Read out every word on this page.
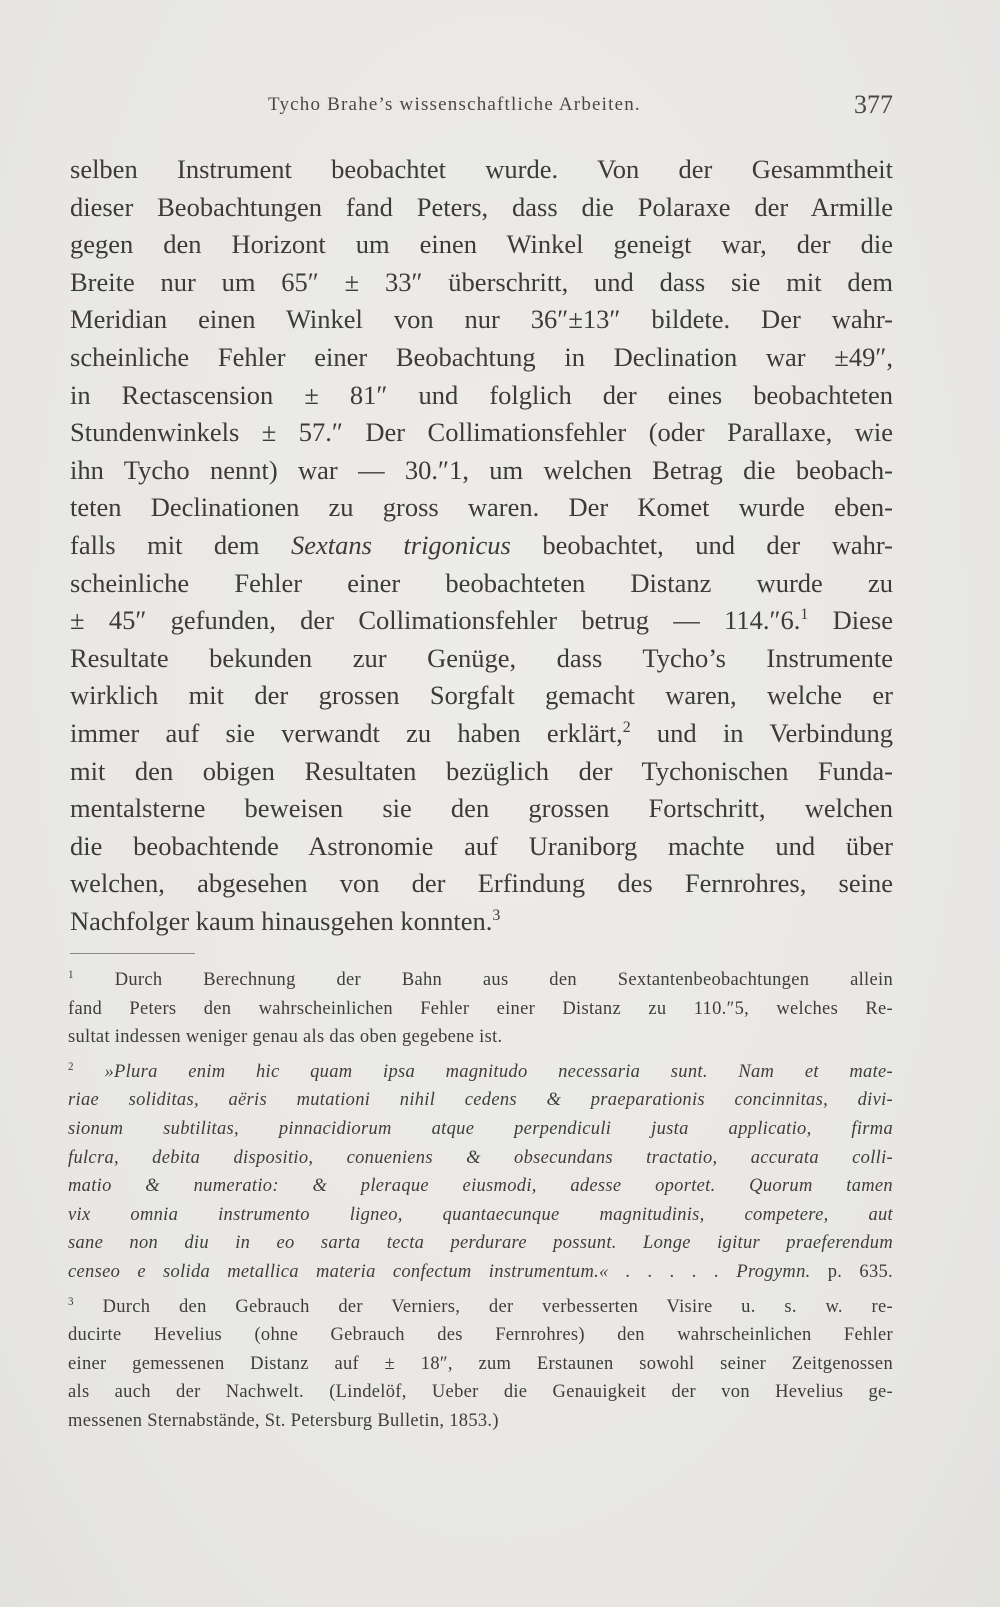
Tycho Brahe’s wissenschaftliche Arbeiten.	377
selben Instrument beobachtet wurde. Von der Gesammtheit
dieser Beobachtungen fand Peters, dass die Polaraxe der Armille
gegen den Horizont um einen Winkel geneigt war, der die
Breite nur um 65″ ± 33″ überschritt, und dass sie mit dem
Meridian einen Winkel von nur 36″±13″ bildete. Der wahr-
scheinliche Fehler einer Beobachtung in Declination war ±49″,
in Rectascension ± 81″ und folglich der eines beobachteten
Stundenwinkels ± 57.″ Der Collimationsfehler (oder Parallaxe, wie
ihn Tycho nennt) war — 30.″1, um welchen Betrag die beobach-
teten Declinationen zu gross waren. Der Komet wurde eben-
falls mit dem Sextans trigonicus beobachtet, und der wahr-
scheinliche Fehler einer beobachteten Distanz wurde zu
± 45″ gefunden, der Collimationsfehler betrug — 114.″6.$^1$ Diese
Resultate bekunden zur Genüge, dass Tycho’s Instrumente
wirklich mit der grossen Sorgfalt gemacht waren, welche er
immer auf sie verwandt zu haben erklärt,$^2$ und in Verbindung
mit den obigen Resultaten bezüglich der Tychonischen Funda-
mentalsterne beweisen sie den grossen Fortschritt, welchen
die beobachtende Astronomie auf Uraniborg machte und über
welchen, abgesehen von der Erfindung des Fernrohres, seine
Nachfolger kaum hinausgehen konnten.$^3$
$^1$ Durch Berechnung der Bahn aus den Sextantenbeobachtungen allein
fand Peters den wahrscheinlichen Fehler einer Distanz zu 110.″5, welches Re-
sultat indessen weniger genau als das oben gegebene ist.
$^2$ »Plura enim hic quam ipsa magnitudo necessaria sunt. Nam et mate-
riae soliditas, aëris mutationi nihil cedens & praeparationis concinnitas, divi-
sionum subtilitas, pinnacidiorum atque perpendiculi justa applicatio, firma
fulcra, debita dispositio, conueniens & obsecundans tractatio, accurata colli-
matio & numeratio: & pleraque eiusmodi, adesse oportet. Quorum tamen
vix omnia instrumento ligneo, quantaecunque magnitudinis, competere, aut
sane non diu in eo sarta tecta perdurare possunt. Longe igitur praeferendum
censeo e solida metallica materia confectum instrumentum.« . . . . . Progymn. p. 635.
$^3$ Durch den Gebrauch der Verniers, der verbesserten Visire u. s. w. re-
ducirte Hevelius (ohne Gebrauch des Fernrohres) den wahrscheinlichen Fehler
einer gemessenen Distanz auf ± 18″, zum Erstaunen sowohl seiner Zeitgenossen
als auch der Nachwelt. (Lindelöf, Ueber die Genauigkeit der von Hevelius ge-
messenen Sternabstände, St. Petersburg Bulletin, 1853.)
